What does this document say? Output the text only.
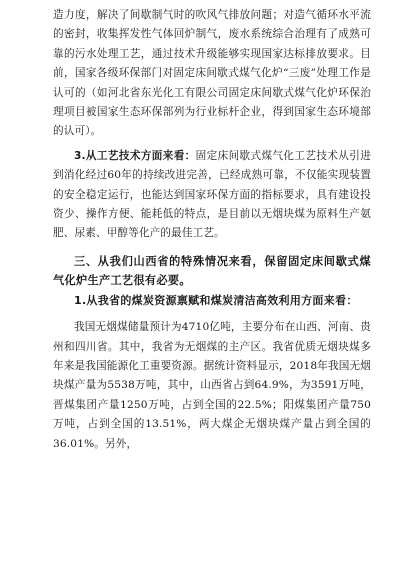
造力度，解决了间歇制气时的吹风气排放问题；对造气循环水平流的密封，收集挥发性气体回炉制气，废水系统综合治理有了成熟可靠的污水处理工艺，通过技术升级能够实现国家达标排放要求。目前，国家各级环保部门对固定床间歇式煤气化炉“三废”处理工作是认可的（如河北省东光化工有限公司固定床间歇式煤气化炉环保治理项目被国家生态环保部列为行业标杆企业，得到国家生态环境部的认可）。

3.从工艺技术方面来看：固定床间歇式煤气化工艺技术从引进到消化经过60年的持续改进完善，已经成熟可靠，不仅能实现装置的安全稳定运行，也能达到国家环保方面的指标要求，具有建设投资少、操作方便、能耗低的特点，是目前以无烟块煤为原料生产氨肥、尿素、甲醇等化产的最佳工艺。

三、从我们山西省的特殊情况来看，保留固定床间歇式煤气化炉生产工艺很有必要。

1.从我省的煤炭资源禀赋和煤炭清洁高效利用方面来看：

我国无烟煤储量预计为4710亿吨，主要分布在山西、河南、贵州和四川省。其中，我省为无烟煤的主产区。我省优质无烟块煤多年来是我国能源化工重要资源。据统计资料显示，2018年我国无烟块煤产量为5538万吨，其中，山西省占到64.9%，为3591万吨，晋煤集团产量1250万吨，占到全国的22.5%；阳煤集团产量750万吨，占到全国的13.51%，两大煤企无烟块煤产量占到全国的36.01%。另外，
